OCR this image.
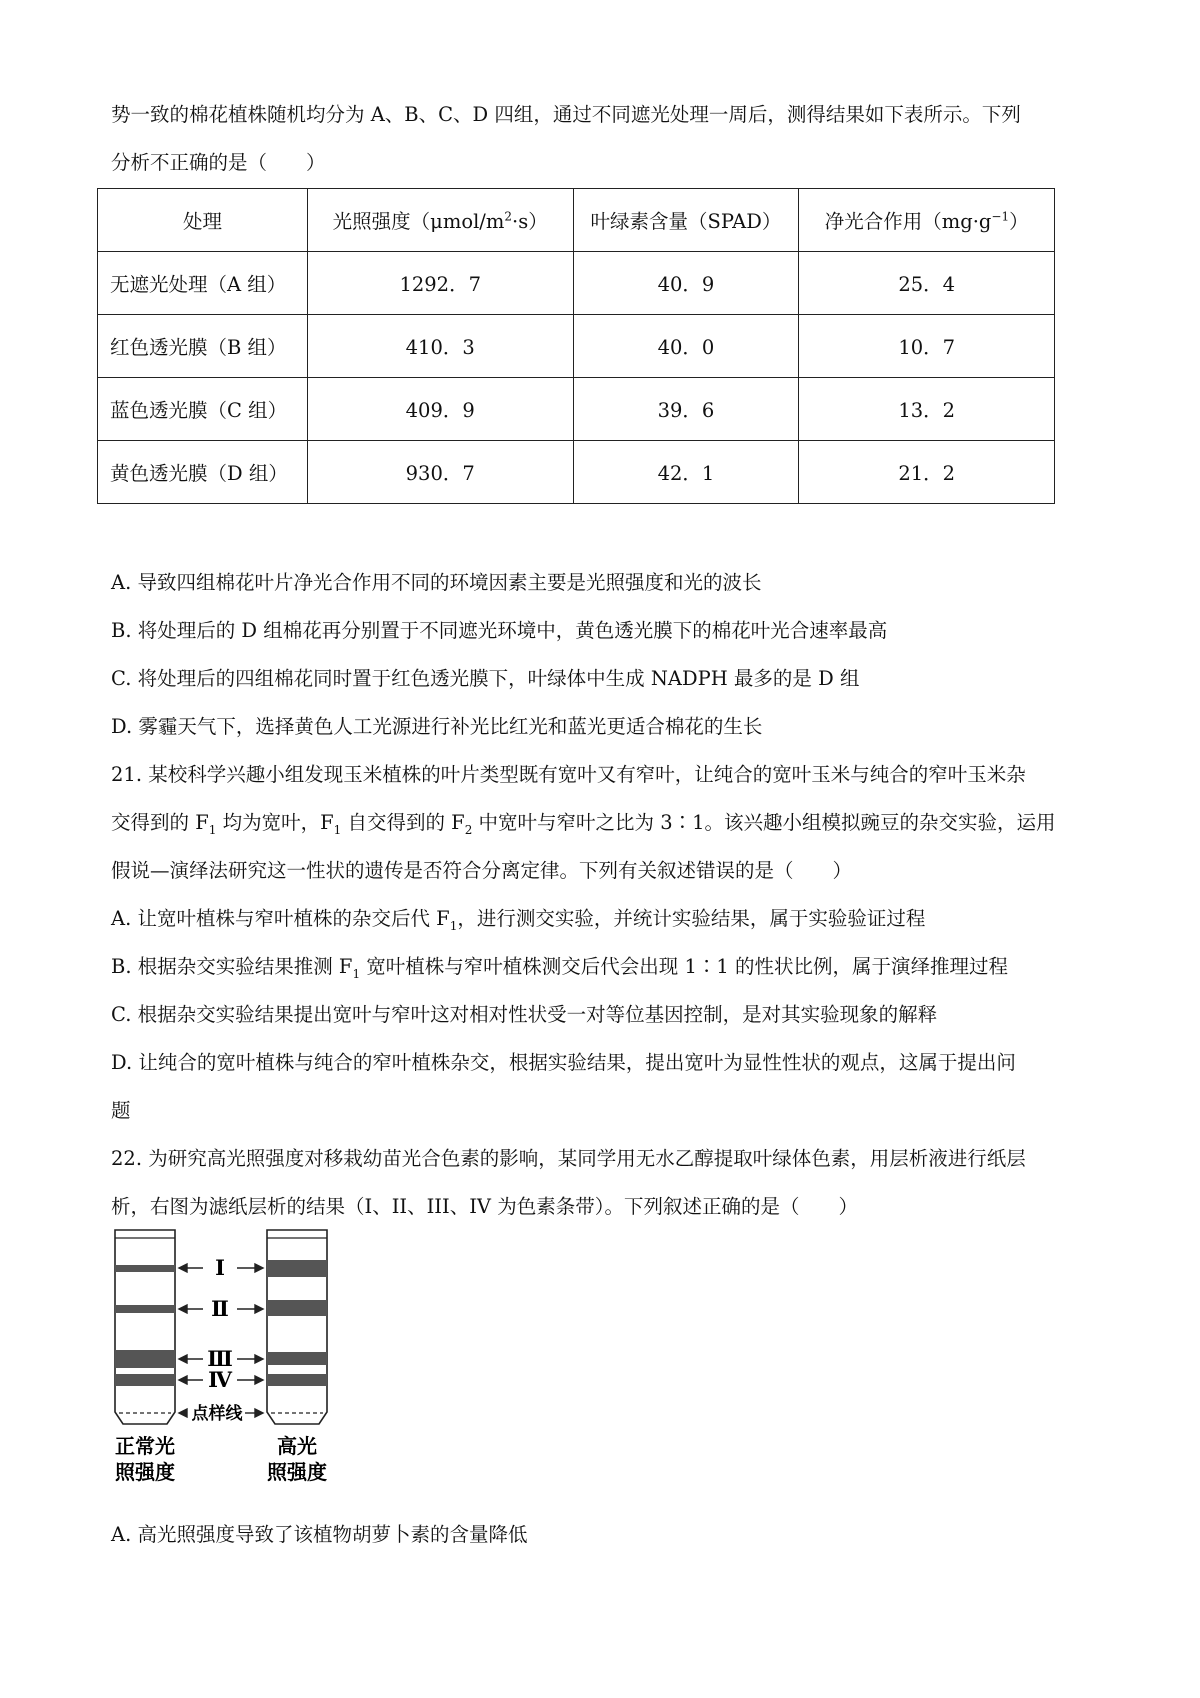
势一致的棉花植株随机均分为 A、B、C、D 四组，通过不同遮光处理一周后，测得结果如下表所示。下列
分析不正确的是（　　）
处理	光照强度$(\mu mol/m^2\cdot s)$	叶绿素含量（SPAD）	净光合作用$(mg\cdot g^{-1})$
无遮光处理（A 组）	1292．7	40．9	25．4
红色透光膜（B 组）	410．3	40．0	10．7
蓝色透光膜（C 组）	409．9	39．6	13．2
黄色透光膜（D 组）	930．7	42．1	21．2
A. 导致四组棉花叶片净光合作用不同的环境因素主要是光照强度和光的波长
B. 将处理后的 D 组棉花再分别置于不同遮光环境中，黄色透光膜下的棉花叶光合速率最高
C. 将处理后的四组棉花同时置于红色透光膜下，叶绿体中生成 NADPH 最多的是 D 组
D. 雾霾天气下，选择黄色人工光源进行补光比红光和蓝光更适合棉花的生长
21. 某校科学兴趣小组发现玉米植株的叶片类型既有宽叶又有窄叶，让纯合的宽叶玉米与纯合的窄叶玉米杂
交得到的 $F_1$ 均为宽叶，$F_1$ 自交得到的 $F_2$ 中宽叶与窄叶之比为 3∶1。该兴趣小组模拟豌豆的杂交实验，运用
假说—演绎法研究这一性状的遗传是否符合分离定律。下列有关叙述错误的是（　　）
A. 让宽叶植株与窄叶植株的杂交后代 $F_1$，进行测交实验，并统计实验结果，属于实验验证过程
B. 根据杂交实验结果推测 $F_1$ 宽叶植株与窄叶植株测交后代会出现 1∶1 的性状比例，属于演绎推理过程
C. 根据杂交实验结果提出宽叶与窄叶这对相对性状受一对等位基因控制，是对其实验现象的解释
D. 让纯合的宽叶植株与纯合的窄叶植株杂交，根据实验结果，提出宽叶为显性性状的观点，这属于提出问
题
22. 为研究高光照强度对移栽幼苗光合色素的影响，某同学用无水乙醇提取叶绿体色素，用层析液进行纸层
析，右图为滤纸层析的结果（I、II、III、IV 为色素条带）。下列叙述正确的是（　　）
Ⅰ
Ⅱ
Ⅲ
Ⅳ
点样线
正常光
照强度
高光
照强度
A. 高光照强度导致了该植物胡萝卜素的含量降低
